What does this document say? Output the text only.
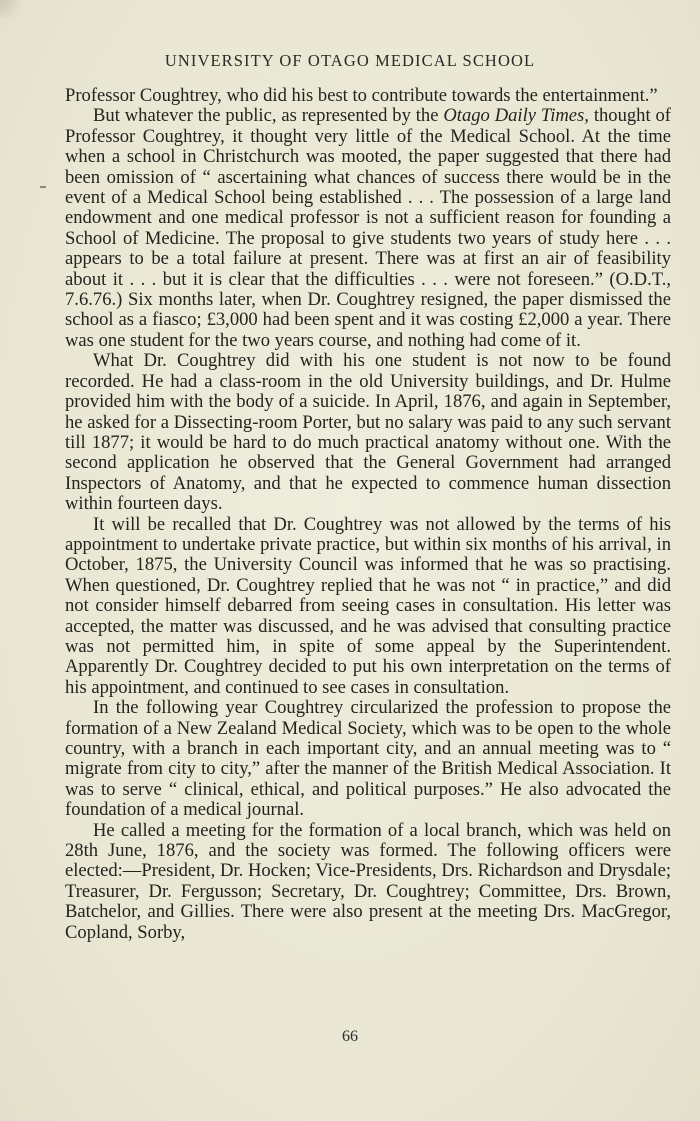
UNIVERSITY OF OTAGO MEDICAL SCHOOL

Professor Coughtrey, who did his best to contribute towards the entertainment.”

But whatever the public, as represented by the Otago Daily Times, thought of Professor Coughtrey, it thought very little of the Medical School. At the time when a school in Christchurch was mooted, the paper suggested that there had been omission of “ ascertaining what chances of success there would be in the event of a Medical School being established . . . The possession of a large land endowment and one medical professor is not a sufficient reason for founding a School of Medicine. The proposal to give students two years of study here . . . appears to be a total failure at present. There was at first an air of feasibility about it . . . but it is clear that the difficulties . . . were not foreseen.” (O.D.T., 7.6.76.) Six months later, when Dr. Coughtrey resigned, the paper dismissed the school as a fiasco; £3,000 had been spent and it was costing £2,000 a year. There was one student for the two years course, and nothing had come of it.

What Dr. Coughtrey did with his one student is not now to be found recorded. He had a class-room in the old University buildings, and Dr. Hulme provided him with the body of a suicide. In April, 1876, and again in September, he asked for a Dissecting-room Porter, but no salary was paid to any such servant till 1877; it would be hard to do much practical anatomy without one. With the second application he observed that the General Government had arranged Inspectors of Anatomy, and that he expected to commence human dissection within fourteen days.

It will be recalled that Dr. Coughtrey was not allowed by the terms of his appointment to undertake private practice, but within six months of his arrival, in October, 1875, the University Council was informed that he was so practising. When questioned, Dr. Coughtrey replied that he was not “ in practice,” and did not consider himself debarred from seeing cases in consultation. His letter was accepted, the matter was discussed, and he was advised that consulting practice was not permitted him, in spite of some appeal by the Superintendent. Apparently Dr. Coughtrey decided to put his own interpretation on the terms of his appointment, and continued to see cases in consultation.

In the following year Coughtrey circularized the profession to propose the formation of a New Zealand Medical Society, which was to be open to the whole country, with a branch in each important city, and an annual meeting was to “ migrate from city to city,” after the manner of the British Medical Association. It was to serve “ clinical, ethical, and political purposes.” He also advocated the foundation of a medical journal.

He called a meeting for the formation of a local branch, which was held on 28th June, 1876, and the society was formed. The following officers were elected:—President, Dr. Hocken; Vice-Presidents, Drs. Richardson and Drysdale; Treasurer, Dr. Fergusson; Secretary, Dr. Coughtrey; Committee, Drs. Brown, Batchelor, and Gillies. There were also present at the meeting Drs. MacGregor, Copland, Sorby,

66
